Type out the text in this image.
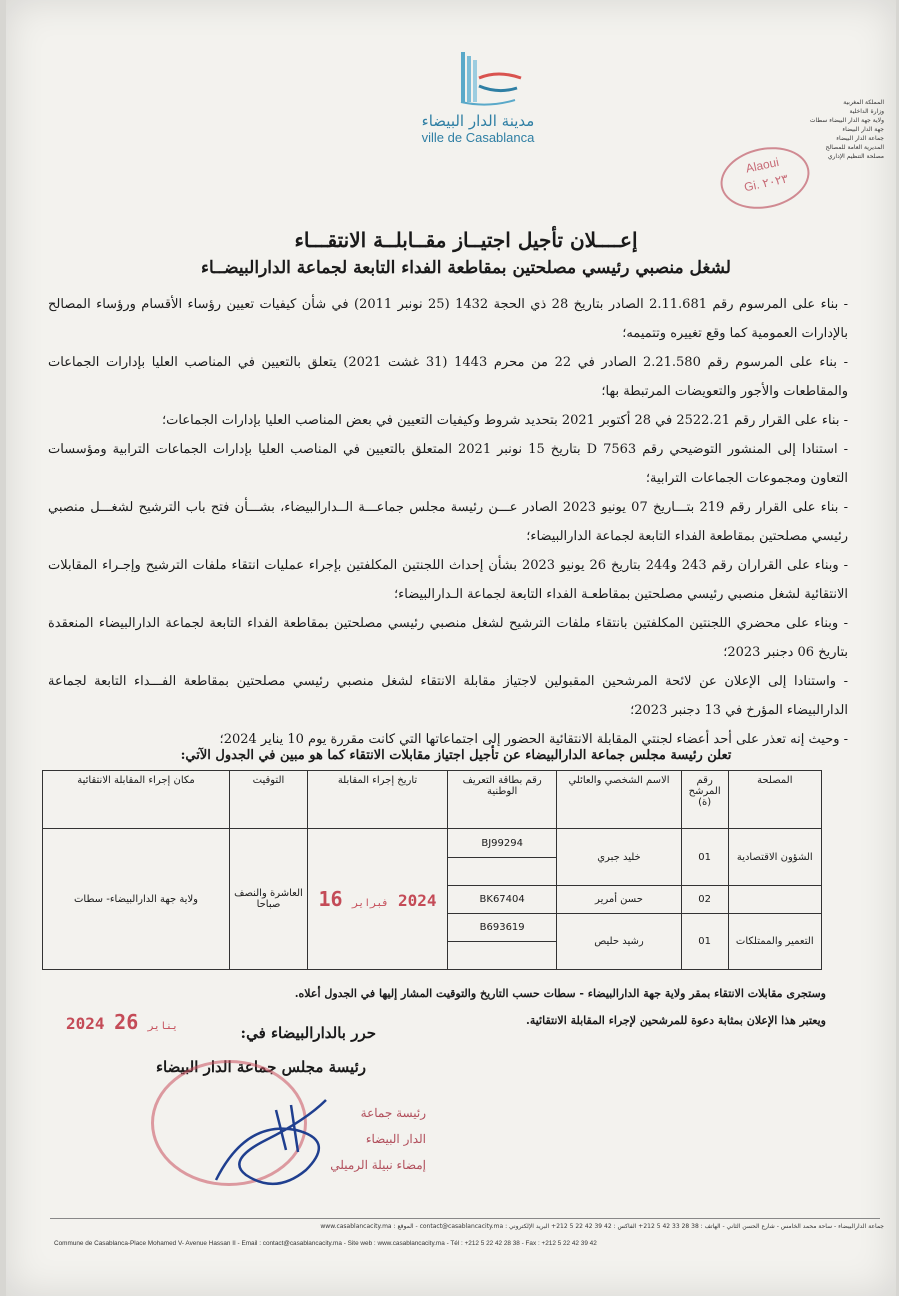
مدينة الدار البيضاء
ville de Casablanca
المملكة المغربية
وزارة الداخلية
ولاية جهة الدار البيضاء سطات
جهة الدار البيضاء
جماعة الدار البيضاء
المديرية العامة للمصالح
مصلحة التنظيم الإداري
Alaoui
Gi. ٢٠٢٣
إعــــلان تأجيل اجتيــاز مقــابلــة الانتقـــاء
لشغل منصبي رئيسي مصلحتين بمقاطعة الفداء التابعة لجماعة الدارالبيضــاء

- بناء على المرسوم رقم 2.11.681 الصادر بتاريخ 28 ذي الحجة 1432 (25 نونبر 2011) في شأن كيفيات تعيين رؤساء الأقسام ورؤساء المصالح بالإدارات العمومية كما وقع تغييره وتتميمه؛

- بناء على المرسوم رقم 2.21.580 الصادر في 22 من محرم 1443 (31 غشت 2021) يتعلق بالتعيين في المناصب العليا بإدارات الجماعات والمقاطعات والأجور والتعويضات المرتبطة بها؛

- بناء على القرار رقم 2522.21 في 28 أكتوبر 2021 بتحديد شروط وكيفيات التعيين في بعض المناصب العليا بإدارات الجماعات؛

- استنادا إلى المنشور التوضيحي رقم D 7563 بتاريخ 15 نونبر 2021 المتعلق بالتعيين في المناصب العليا بإدارات الجماعات الترابية ومؤسسات التعاون ومجموعات الجماعات الترابية؛

- بناء على القرار رقم 219 بتـــاريخ 07 يونيو 2023 الصادر عـــن رئيسة مجلس جماعـــة الــدارالبيضاء، بشـــأن فتح باب الترشيح لشغـــل منصبي رئيسي مصلحتين بمقاطعة الفداء التابعة لجماعة الدارالبيضاء؛

- وبناء على القراران رقم 243 و244 بتاريخ 26 يونيو 2023 بشأن إحداث اللجنتين المكلفتين بإجراء عمليات انتقاء ملفات الترشيح وإجـراء المقابلات الانتقائية لشغل منصبي رئيسي مصلحتين بمقاطعـة الفداء التابعة لجماعة الـدارالبيضاء؛

- وبناء على محضري اللجنتين المكلفتين بانتقاء ملفات الترشيح لشغل منصبي رئيسي مصلحتين بمقاطعة الفداء التابعة لجماعة الدارالبيضاء المنعقدة بتاريخ 06 دجنبر 2023؛

- واستنادا إلى الإعلان عن لائحة المرشحين المقبولين لاجتياز مقابلة الانتقاء لشغل منصبي رئيسي مصلحتين بمقاطعة الفـــداء التابعة لجماعة الدارالبيضاء المؤرخ في 13 دجنبر 2023؛

- وحيث إنه تعذر على أحد أعضاء لجنتي المقابلة الانتقائية الحضور إلى اجتماعاتها التي كانت مقررة يوم 10 يناير 2024؛

تعلن رئيسة مجلس جماعة الدارالبيضاء عن تأجيل اجتياز مقابلات الانتقاء كما هو مبين في الجدول الآتي:
المصلحة	رقم المرشح (ة)	الاسم الشخصي والعائلي	رقم بطاقة التعريف الوطنية	تاريخ إجراء المقابلة	التوقيت	مكان إجراء المقابلة الانتقائية
الشؤون الاقتصادية	01	خليد جبري	BJ99294	2024 فبراير 16	العاشرة والنصف صباحا	ولاية جهة الدارالبيضاء- سطات

	02	حسن أمرير	BK67404			
التعمير والممتلكات	01	رشيد حليص	B693619			

وستجرى مقابلات الانتقاء بمقر ولاية جهة الدارالبيضاء - سطات حسب التاريخ والتوقيت المشار إليها في الجدول أعلاه.

ويعتبر هذا الإعلان بمثابة دعوة للمرشحين لإجراء المقابلة الانتقائية.

2024	يناير 26	حرر بالدارالبيضاء في:
رئيسة مجلس جماعة الدار البيضاء
رئيسة جماعة
الدار البيضاء
إمضاء نبيلة الرميلي
جماعة الدارالبيضاء - ساحة محمد الخامس - شارع الحسن الثاني - الهاتف : 38 28 33 42 5 212+ الفاكس : 42 39 42 22 5 212+ البريد الإلكتروني : contact@casablancacity.ma - الموقع : www.casablancacity.ma
Commune de Casablanca-Place Mohamed V- Avenue Hassan II - Email : contact@casablancacity.ma - Site web : www.casablancacity.ma - Tél : +212 5 22 42 28 38 - Fax : +212 5 22 42 39 42
